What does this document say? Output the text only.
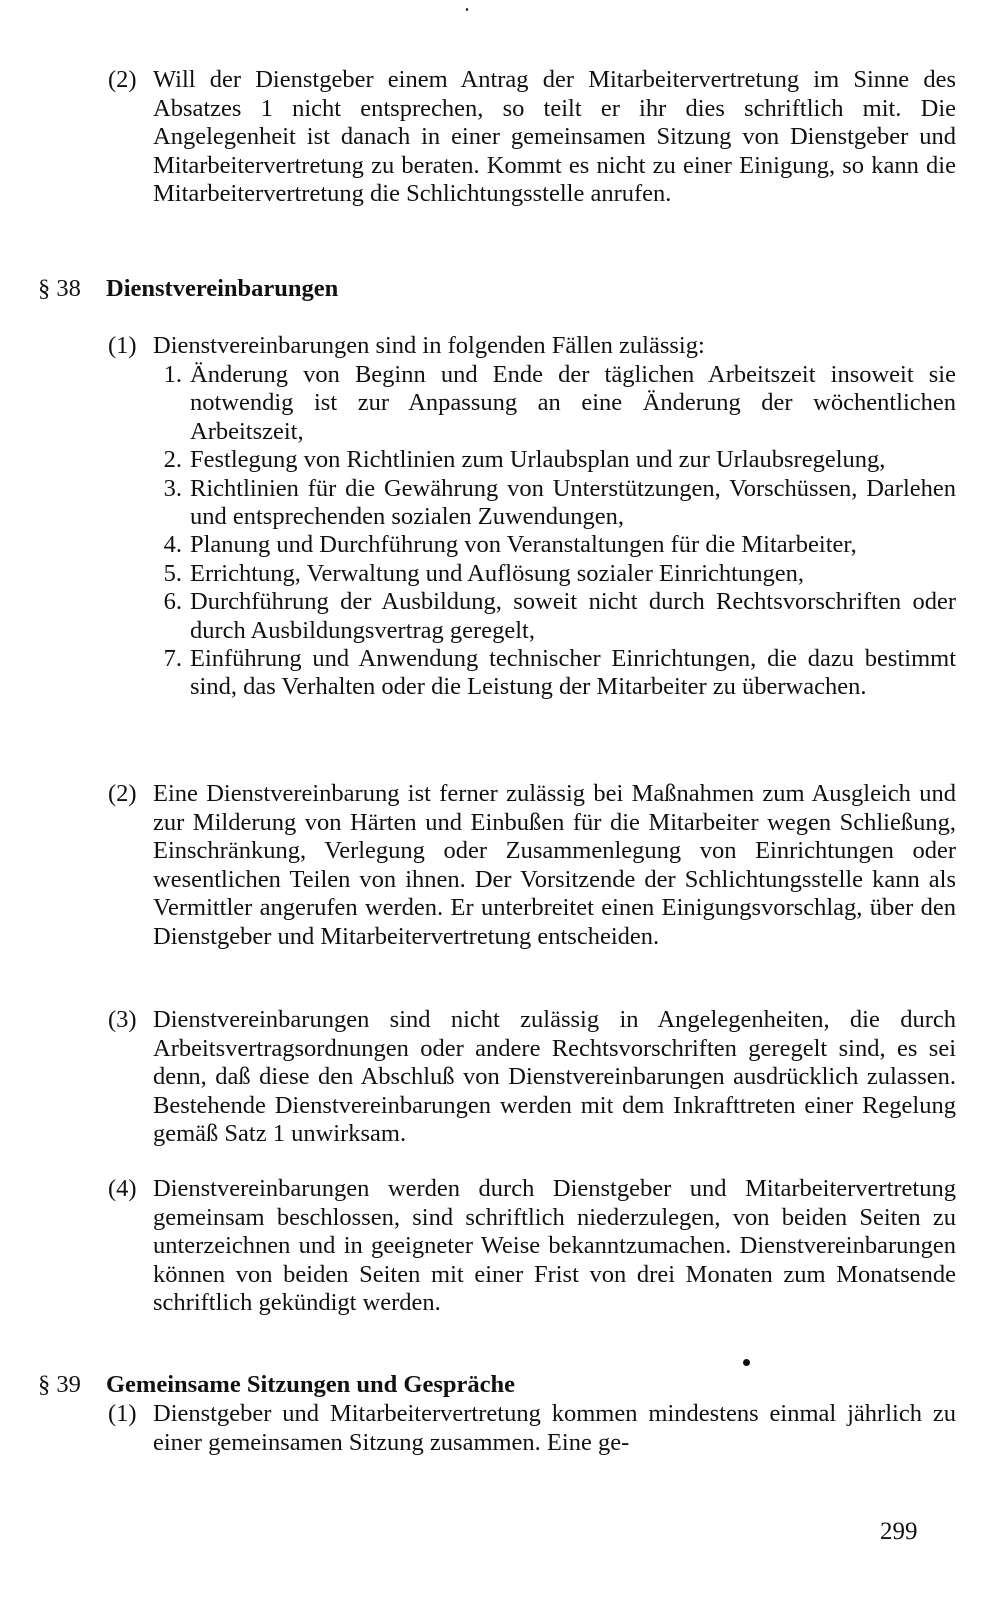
(2) Will der Dienstgeber einem Antrag der Mitarbeitervertretung im Sinne des Absatzes 1 nicht entsprechen, so teilt er ihr dies schriftlich mit. Die Angelegenheit ist danach in einer gemeinsamen Sitzung von Dienstgeber und Mitarbeitervertretung zu beraten. Kommt es nicht zu einer Einigung, so kann die Mitarbeitervertretung die Schlichtungsstelle anrufen.
§ 38 Dienstvereinbarungen
(1) Dienstvereinbarungen sind in folgenden Fällen zulässig:
1. Änderung von Beginn und Ende der täglichen Arbeitszeit insoweit sie notwendig ist zur Anpassung an eine Änderung der wöchentlichen Arbeitszeit,
2. Festlegung von Richtlinien zum Urlaubsplan und zur Urlaubsregelung,
3. Richtlinien für die Gewährung von Unterstützungen, Vorschüssen, Darlehen und entsprechenden sozialen Zuwendungen,
4. Planung und Durchführung von Veranstaltungen für die Mitarbeiter,
5. Errichtung, Verwaltung und Auflösung sozialer Einrichtungen,
6. Durchführung der Ausbildung, soweit nicht durch Rechtsvorschriften oder durch Ausbildungsvertrag geregelt,
7. Einführung und Anwendung technischer Einrichtungen, die dazu bestimmt sind, das Verhalten oder die Leistung der Mitarbeiter zu überwachen.
(2) Eine Dienstvereinbarung ist ferner zulässig bei Maßnahmen zum Ausgleich und zur Milderung von Härten und Einbußen für die Mitarbeiter wegen Schließung, Einschränkung, Verlegung oder Zusammenlegung von Einrichtungen oder wesentlichen Teilen von ihnen. Der Vorsitzende der Schlichtungsstelle kann als Vermittler angerufen werden. Er unterbreitet einen Einigungsvorschlag, über den Dienstgeber und Mitarbeitervertretung entscheiden.
(3) Dienstvereinbarungen sind nicht zulässig in Angelegenheiten, die durch Arbeitsvertragsordnungen oder andere Rechtsvorschriften geregelt sind, es sei denn, daß diese den Abschluß von Dienstvereinbarungen ausdrücklich zulassen. Bestehende Dienstvereinbarungen werden mit dem Inkrafttreten einer Regelung gemäß Satz 1 unwirksam.
(4) Dienstvereinbarungen werden durch Dienstgeber und Mitarbeitervertretung gemeinsam beschlossen, sind schriftlich niederzulegen, von beiden Seiten zu unterzeichnen und in geeigneter Weise bekanntzumachen. Dienstvereinbarungen können von beiden Seiten mit einer Frist von drei Monaten zum Monatsende schriftlich gekündigt werden.
§ 39 Gemeinsame Sitzungen und Gespräche
(1) Dienstgeber und Mitarbeitervertretung kommen mindestens einmal jährlich zu einer gemeinsamen Sitzung zusammen. Eine ge-
299
